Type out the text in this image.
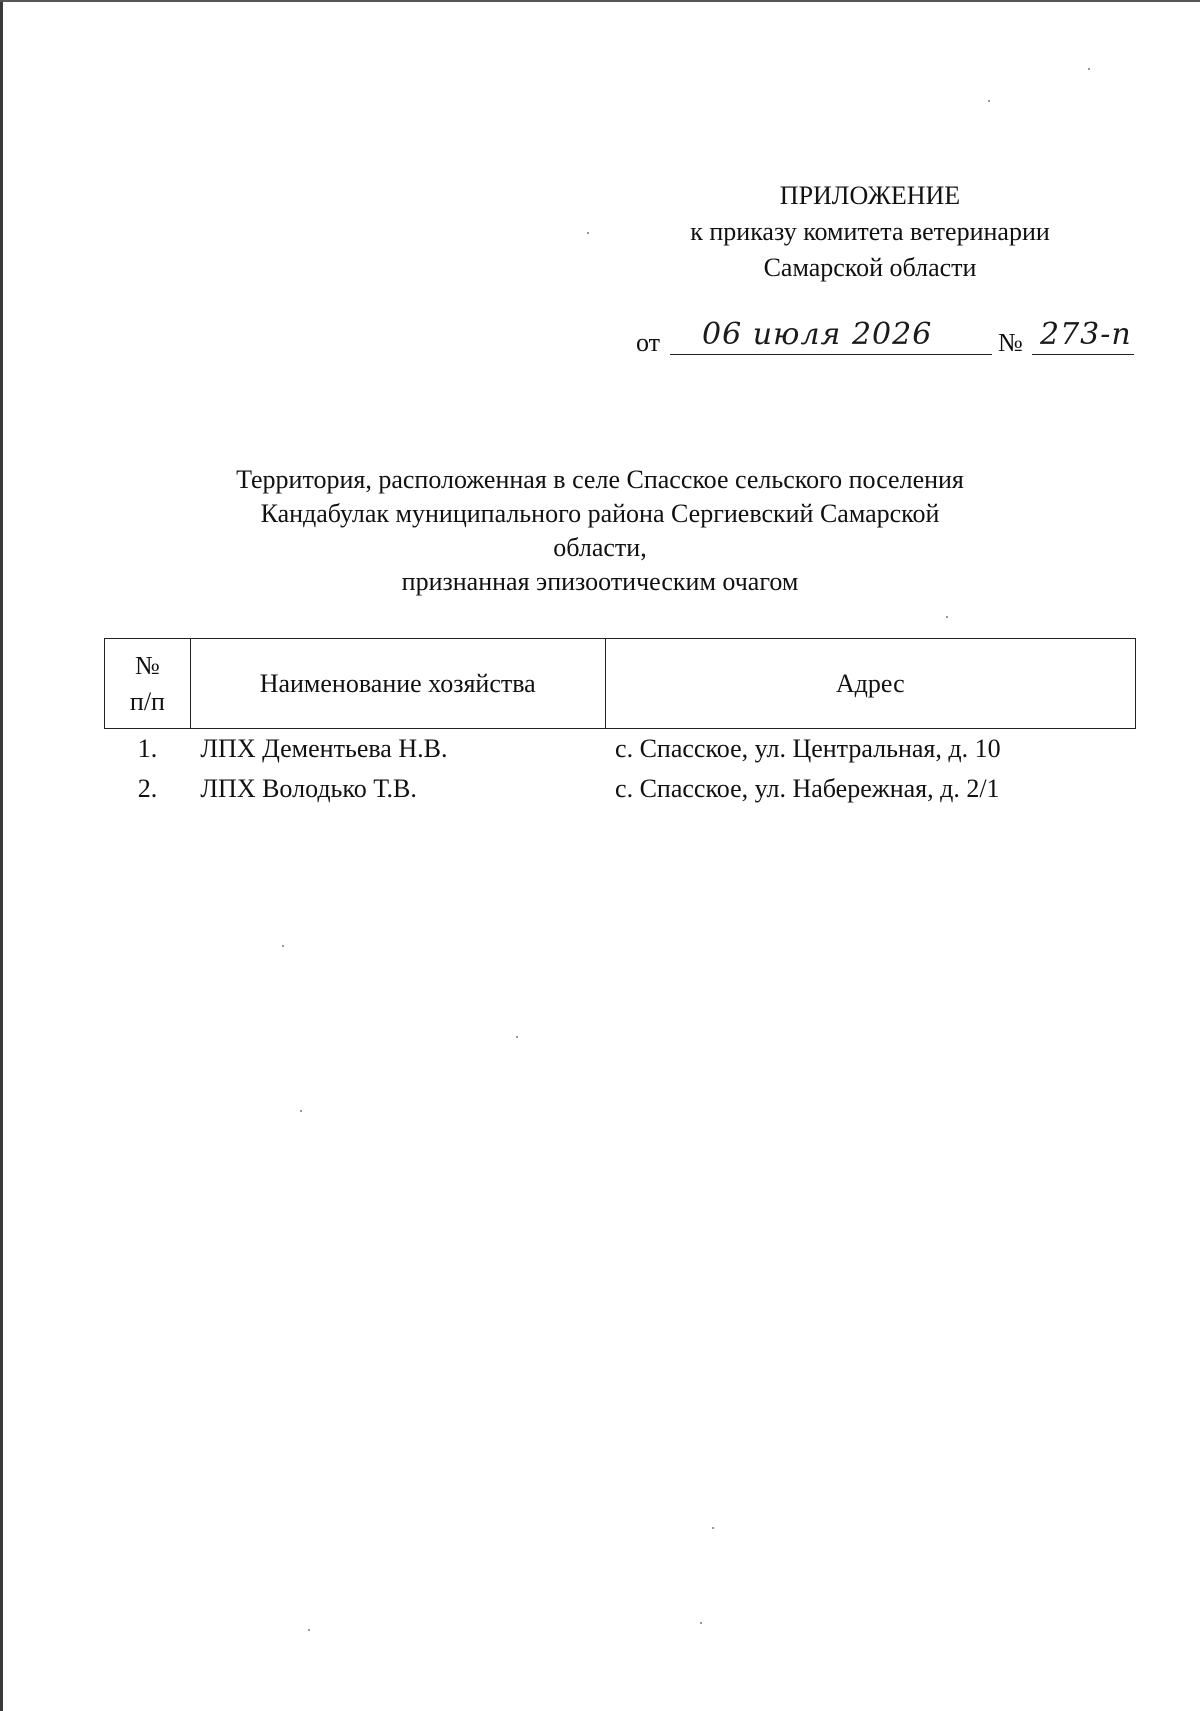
ПРИЛОЖЕНИЕ
к приказу комитета ветеринарии
Самарской области
от 06 июля 2026	№ 273-п
Территория, расположенная в селе Спасское сельского поселения
Кандабулак муниципального района Сергиевский Самарской области,
признанная эпизоотическим очагом
№
п/п	Наименование хозяйства	Адрес
1.	ЛПХ Дементьева Н.В.	с. Спасское, ул. Центральная, д. 10
2.	ЛПХ Володько Т.В.	с. Спасское, ул. Набережная, д. 2/1
